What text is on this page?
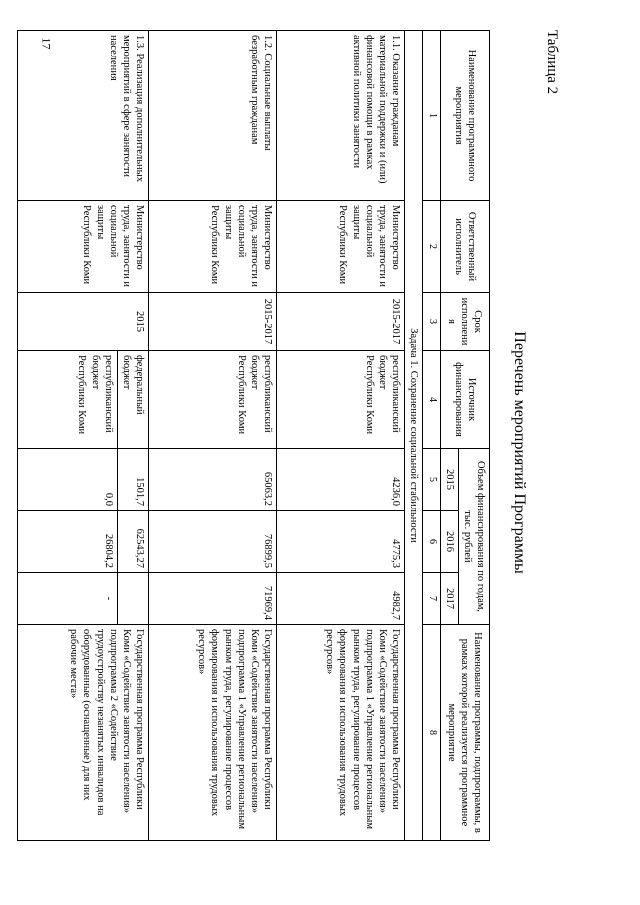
17	Таблица 2
Перечень мероприятий Программы
Наименование программного мероприятия	Ответственный исполнитель	Срок исполнения	Источник финансирования	Объем финансирования по годам, тыс. рублей			Наименование программы, подпрограммы, в рамках которой реализуется программное мероприятие
				2015	2016	2017	
1	2	3	4	5	6	7	8
Задача 1. Сохранение социальной стабильности							
1.1. Оказание гражданам материальной поддержки и (или) финансовой помощи в рамках активной политики занятости	Министерство труда, занятости и социальной защиты Республики Коми	2015-2017	республиканский бюджет Республики Коми	4236,0	4775,3	4982,7	Государственная программа Республики Коми «Содействие занятости населения» подпрограмма 1 «Управление региональным рынком труда, регулирование процессов формирования и использования трудовых ресурсов»
1.2. Социальные выплаты безработным гражданам	Министерство труда, занятости и социальной защиты Республики Коми	2015-2017	республиканский бюджет Республики Коми	65063,2	76899,5	71969,4	Государственная программа Республики Коми «Содействие занятости населения» подпрограмма 1 «Управление региональным рынком труда, регулирование процессов формирования и использования трудовых ресурсов»
1.3. Реализация дополнительных мероприятий в сфере занятости населения	Министерство труда, занятости и социальной защиты Республики Коми	2015	федеральный бюджет	1501,7	62543,27		Государственная программа Республики Коми «Содействие занятости населения» подпрограмма 2 «Содействие трудоустройству незанятых инвалидов на оборудованные (оснащенные) для них рабочие места»
			республиканский бюджет Республики Коми	0,0	26804,2	-	
